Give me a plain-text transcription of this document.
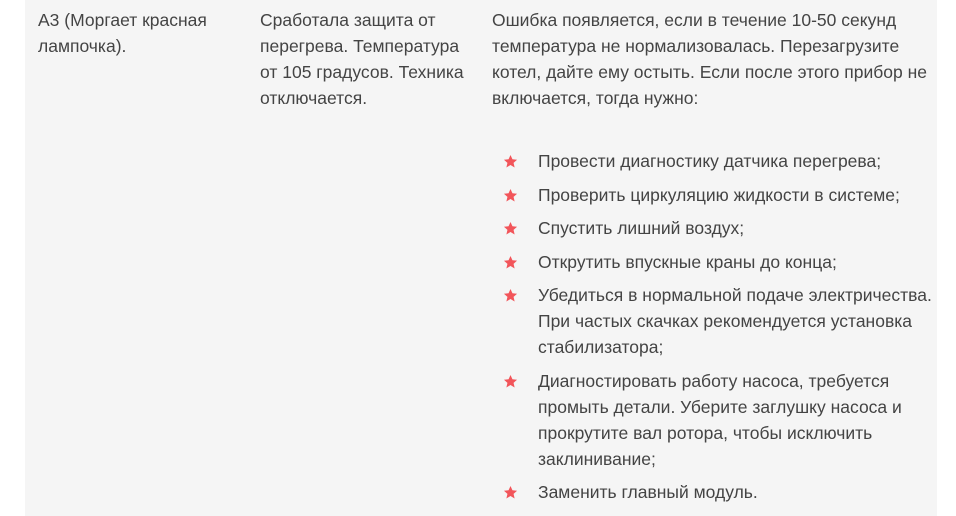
A3 (Моргает красная лампочка).
Сработала защита от перегрева. Температура от 105 градусов. Техника отключается.

Ошибка появляется, если в течение 10-50 секунд температура не нормализовалась. Перезагрузите котел, дайте ему остыть. Если после этого прибор не включается, тогда нужно:

Провести диагностику датчика перегрева;
Проверить циркуляцию жидкости в системе;
Спустить лишний воздух;
Открутить впускные краны до конца;
Убедиться в нормальной подаче электричества. При частых скачках рекомендуется установка стабилизатора;
Диагностировать работу насоса, требуется промыть детали. Уберите заглушку насоса и прокрутите вал ротора, чтобы исключить заклинивание;
Заменить главный модуль.
